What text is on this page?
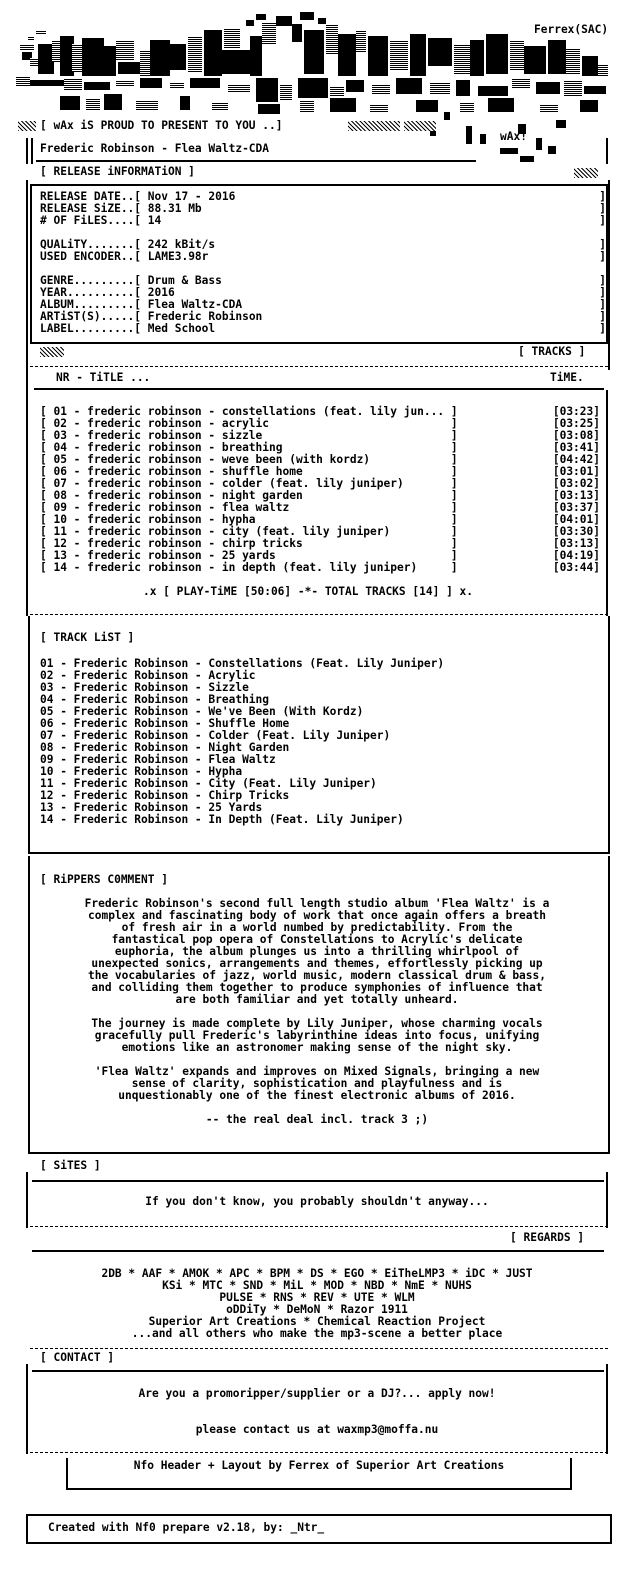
Ferrex(SAC)
[ wAx iS PROUD TO PRESENT TO YOU ..]
wAx!
Frederic Robinson - Flea Waltz-CDA
[ RELEASE iNFORMATiON ]
RELEASE DATE..[ Nov 17 - 2016	]
RELEASE SiZE..[ 88.31 Mb	]
# OF FiLES....[ 14	]
QUALiTY.......[ 242 kBit/s	]
USED ENCODER..[ LAME3.98r	]
GENRE.........[ Drum & Bass	]
YEAR..........[ 2016	]
ALBUM.........[ Flea Waltz-CDA	]
ARTiST(S).....[ Frederic Robinson	]
LABEL.........[ Med School	]
[ TRACKS ]
NR - TiTLE ...	TiME.
[ 01 - frederic robinson - constellations (feat. lily jun... ]	[03:23]
[ 02 - frederic robinson - acrylic                           ]	[03:25]
[ 03 - frederic robinson - sizzle                            ]	[03:08]
[ 04 - frederic robinson - breathing                         ]	[03:41]
[ 05 - frederic robinson - weve been (with kordz)            ]	[04:42]
[ 06 - frederic robinson - shuffle home                      ]	[03:01]
[ 07 - frederic robinson - colder (feat. lily juniper)       ]	[03:02]
[ 08 - frederic robinson - night garden                      ]	[03:13]
[ 09 - frederic robinson - flea waltz                        ]	[03:37]
[ 10 - frederic robinson - hypha                             ]	[04:01]
[ 11 - frederic robinson - city (feat. lily juniper)         ]	[03:30]
[ 12 - frederic robinson - chirp tricks                      ]	[03:13]
[ 13 - frederic robinson - 25 yards                          ]	[04:19]
[ 14 - frederic robinson - in depth (feat. lily juniper)     ]	[03:44]
.x [ PLAY-TiME [50:06] -*- TOTAL TRACKS [14] ] x.
[ TRACK LiST ]
01 - Frederic Robinson - Constellations (Feat. Lily Juniper)
02 - Frederic Robinson - Acrylic
03 - Frederic Robinson - Sizzle
04 - Frederic Robinson - Breathing
05 - Frederic Robinson - We've Been (With Kordz)
06 - Frederic Robinson - Shuffle Home
07 - Frederic Robinson - Colder (Feat. Lily Juniper)
08 - Frederic Robinson - Night Garden
09 - Frederic Robinson - Flea Waltz
10 - Frederic Robinson - Hypha
11 - Frederic Robinson - City (Feat. Lily Juniper)
12 - Frederic Robinson - Chirp Tricks
13 - Frederic Robinson - 25 Yards
14 - Frederic Robinson - In Depth (Feat. Lily Juniper)
[ RiPPERS C0MMENT ]
Frederic Robinson's second full length studio album 'Flea Waltz' is a
complex and fascinating body of work that once again offers a breath
of fresh air in a world numbed by predictability. From the
fantastical pop opera of Constellations to Acrylic's delicate
euphoria, the album plunges us into a thrilling whirlpool of
unexpected sonics, arrangements and themes, effortlessly picking up
the vocabularies of jazz, world music, modern classical drum & bass,
and colliding them together to produce symphonies of influence that
are both familiar and yet totally unheard.
The journey is made complete by Lily Juniper, whose charming vocals
gracefully pull Frederic's labyrinthine ideas into focus, unifying
emotions like an astronomer making sense of the night sky.
'Flea Waltz' expands and improves on Mixed Signals, bringing a new
sense of clarity, sophistication and playfulness and is
unquestionably one of the finest electronic albums of 2016.
-- the real deal incl. track 3 ;)
[ SiTES ]
If you don't know, you probably shouldn't anyway...
[ REGARDS ]
2DB * AAF * AMOK * APC * BPM * DS * EGO * EiTheLMP3 * iDC * JUST
KSi * MTC * SND * MiL * MOD * NBD * NmE * NUHS
PULSE * RNS * REV * UTE * WLM
oDDiTy * DeMoN * Razor 1911
Superior Art Creations * Chemical Reaction Project
...and all others who make the mp3-scene a better place
[ CONTACT ]
Are you a promoripper/supplier or a DJ?... apply now!
please contact us at waxmp3@moffa.nu
Nfo Header + Layout by Ferrex of Superior Art Creations
Created with Nf0 prepare v2.18, by: _Ntr_
